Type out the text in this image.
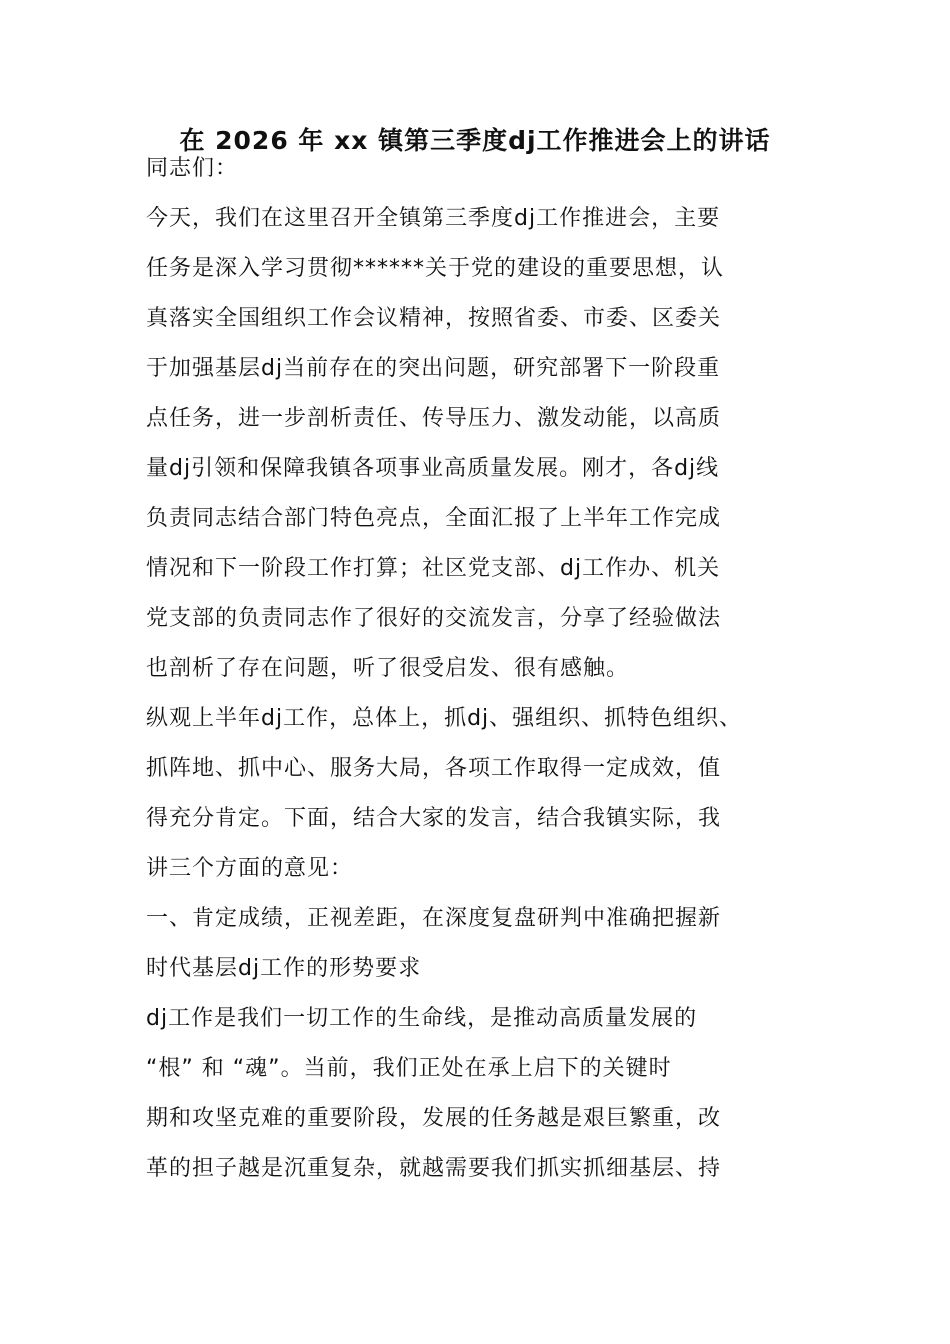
在 2026 年 xx 镇第三季度dj工作推进会上的讲话
同志们：
今天，我们在这里召开全镇第三季度dj工作推进会，主要
任务是深入学习贯彻******关于党的建设的重要思想，认
真落实全国组织工作会议精神，按照省委、市委、区委关
于加强基层dj当前存在的突出问题，研究部署下一阶段重
点任务，进一步剖析责任、传导压力、激发动能，以高质
量dj引领和保障我镇各项事业高质量发展。刚才，各dj线
负责同志结合部门特色亮点，全面汇报了上半年工作完成
情况和下一阶段工作打算；社区党支部、dj工作办、机关
党支部的负责同志作了很好的交流发言，分享了经验做法
也剖析了存在问题，听了很受启发、很有感触。
纵观上半年dj工作，总体上，抓dj、强组织、抓特色组织、
抓阵地、抓中心、服务大局，各项工作取得一定成效，值
得充分肯定。下面，结合大家的发言，结合我镇实际，我
讲三个方面的意见：
一、肯定成绩，正视差距，在深度复盘研判中准确把握新
时代基层dj工作的形势要求
dj工作是我们一切工作的生命线，是推动高质量发展的
“根” 和 “魂”。当前，我们正处在承上启下的关键时
期和攻坚克难的重要阶段，发展的任务越是艰巨繁重，改
革的担子越是沉重复杂，就越需要我们抓实抓细基层、持
